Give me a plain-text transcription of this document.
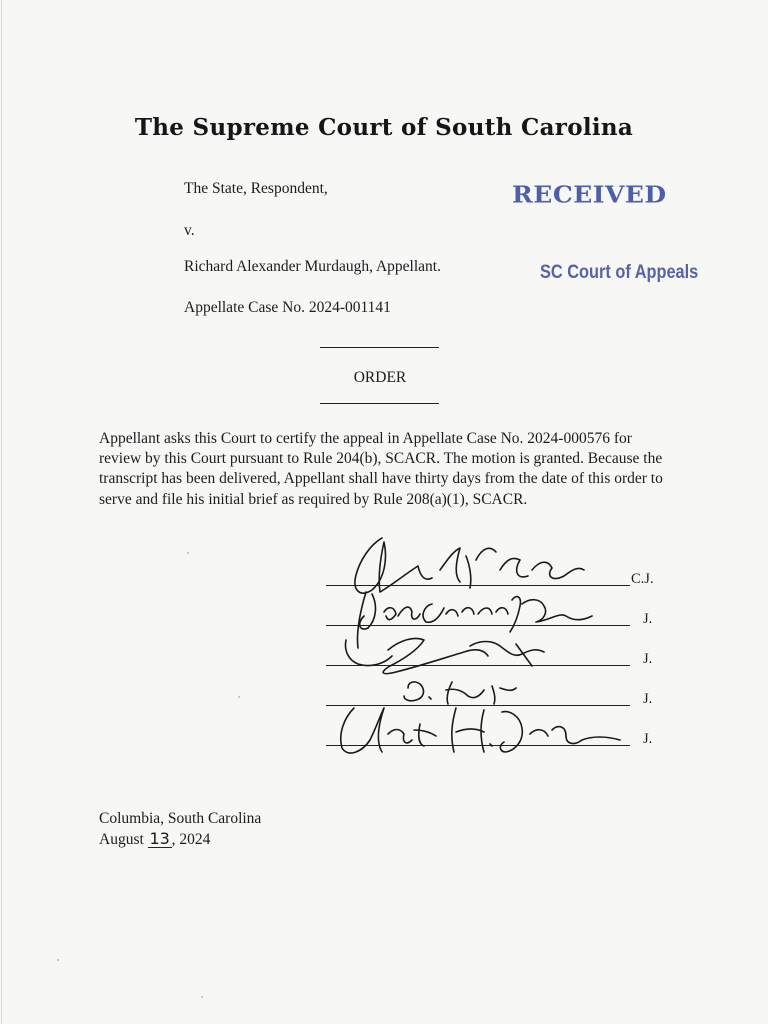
The Supreme Court of South Carolina
The State, Respondent,
v.
Richard Alexander Murdaugh, Appellant.
Appellate Case No. 2024-001141
RECEIVED
SC Court of Appeals
ORDER

Appellant asks this Court to certify the appeal in Appellate Case No. 2024-000576 for review by this Court pursuant to Rule 204(b), SCACR. The motion is granted. Because the transcript has been delivered, Appellant shall have thirty days from the date of this order to serve and file his initial brief as required by Rule 208(a)(1), SCACR.

C.J.
J.
J.
J.
J.
Columbia, South Carolina
August 13 , 2024
